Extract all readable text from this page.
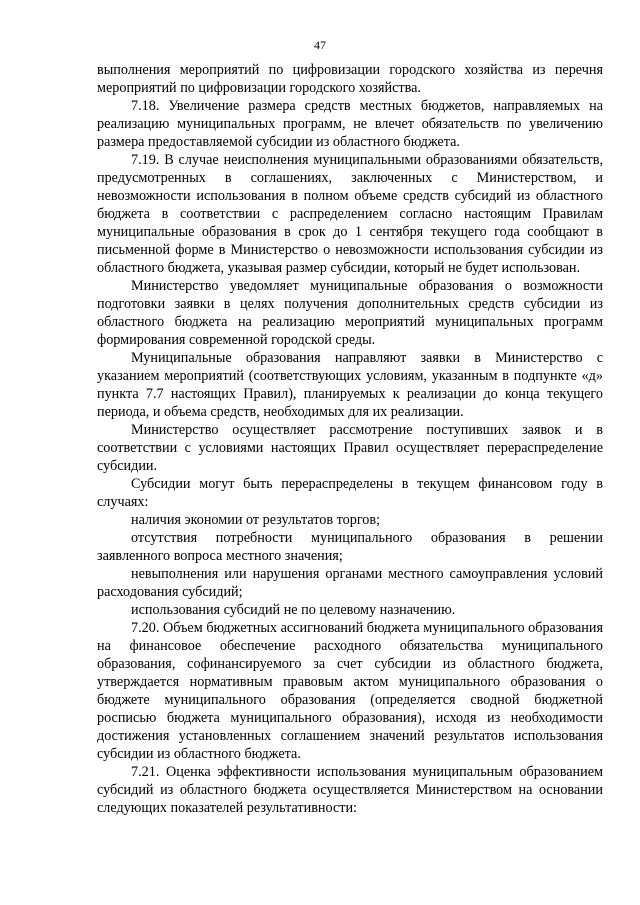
47

выполнения мероприятий по цифровизации городского хозяйства из перечня мероприятий по цифровизации городского хозяйства.

7.18. Увеличение размера средств местных бюджетов, направляемых на реализацию муниципальных программ, не влечет обязательств по увеличению размера предоставляемой субсидии из областного бюджета.

7.19. В случае неисполнения муниципальными образованиями обязательств, предусмотренных в соглашениях, заключенных с Министерством, и невозможности использования в полном объеме средств субсидий из областного бюджета в соответствии с распределением согласно настоящим Правилам муниципальные образования в срок до 1 сентября текущего года сообщают в письменной форме в Министерство о невозможности использования субсидии из областного бюджета, указывая размер субсидии, который не будет использован.

Министерство уведомляет муниципальные образования о возможности подготовки заявки в целях получения дополнительных средств субсидии из областного бюджета на реализацию мероприятий муниципальных программ формирования современной городской среды.

Муниципальные образования направляют заявки в Министерство с указанием мероприятий (соответствующих условиям, указанным в подпункте «д» пункта 7.7 настоящих Правил), планируемых к реализации до конца текущего периода, и объема средств, необходимых для их реализации.

Министерство осуществляет рассмотрение поступивших заявок и в соответствии с условиями настоящих Правил осуществляет перераспределение субсидии.

Субсидии могут быть перераспределены в текущем финансовом году в случаях:

наличия экономии от результатов торгов;

отсутствия потребности муниципального образования в решении заявленного вопроса местного значения;

невыполнения или нарушения органами местного самоуправления условий расходования субсидий;

использования субсидий не по целевому назначению.

7.20. Объем бюджетных ассигнований бюджета муниципального образования на финансовое обеспечение расходного обязательства муниципального образования, софинансируемого за счет субсидии из областного бюджета, утверждается нормативным правовым актом муниципального образования о бюджете муниципального образования (определяется сводной бюджетной росписью бюджета муниципального образования), исходя из необходимости достижения установленных соглашением значений результатов использования субсидии из областного бюджета.

7.21. Оценка эффективности использования муниципальным образованием субсидий из областного бюджета осуществляется Министерством на основании следующих показателей результативности:
